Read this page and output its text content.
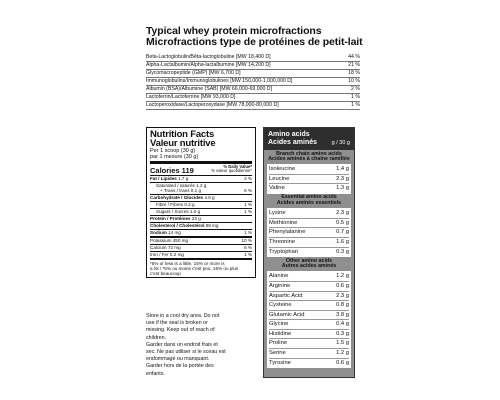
Typical whey protein microfractions
Microfractions type de protéines de petit-lait
Beta-Lactoglobulin/Bêta-lactoglobuline [MW 18,400 D]	44 %
Alpha-Lactalbumin/Alpha-lactalbumine [MW 14,200 D]	21 %
Glycomacropeptide (GMP) [MW 6,700 D]	18 %
Immunoglobulins/Immunoglobulines [MW 150,000-1,000,000 D]	10 %
Albumin (BSA)/Albumine (SAB) [MW 66,000-69,000 D]	2 %
Lactoferrin/Lactoferrine [MW 93,000 D]	1 %
Lactoperoxidase/Lactoperoxydase [MW 78,000-80,000 D]	1 %
Nutrition Facts
Valeur nutritive
Per 1 scoop (30 g)
par 1 mesure (30 g)
Calories 119	% Daily Value*
% valeur quotidienne*
Fat / Lipides 1.7 g	2 %
Saturated / saturés 1.2 g
+ Trans / trans 0.1 g	6 %
Carbohydrate / Glucides 4.5 g
Fibre / Fibres 0.3 g	1 %
Sugars / Sucres 1.0 g	1 %
Protein / Protéines 23 g
Cholesterol / Cholestérol 88 mg
Sodium 14 mg	1 %
Potassium 450 mg	10 %
Calcium 72 mg	6 %
Iron / Fer 0.2 mg	1 %
*5% or less is a little, 15% or more is
a lot / *5% ou moins c'est peu, 15% ou plus
c'est beaucoup
Store in a cool dry area. Do not
use if the seal is broken or
missing. Keep out of reach of
children.
Garder dans un endroit frais et
sec. Ne pas utiliser si le sceau est
endommagé ou manquant.
Garder hors de la portée des
enfants.
Amino acids
Acides aminés	g / 30 g
Branch chain amino acids
Acides aminés à chaîne ramifiée
Isoleucine	1.4 g
Leucine	2.3 g
Valine	1.3 g
Essential amino acids
Acides aminés essentiels
Lysine	2.3 g
Methionine	0.5 g
Phenylalanine	0.7 g
Threonine	1.6 g
Tryptophan	0.3 g
Other amino acids
Autres acides aminés
Alanine	1.2 g
Arginine	0.6 g
Aspartic Acid	2.3 g
Cysteine	0.8 g
Glutamic Acid	3.8 g
Glycine	0.4 g
Histidine	0.3 g
Proline	1.5 g
Serine	1.2 g
Tyrosine	0.6 g
